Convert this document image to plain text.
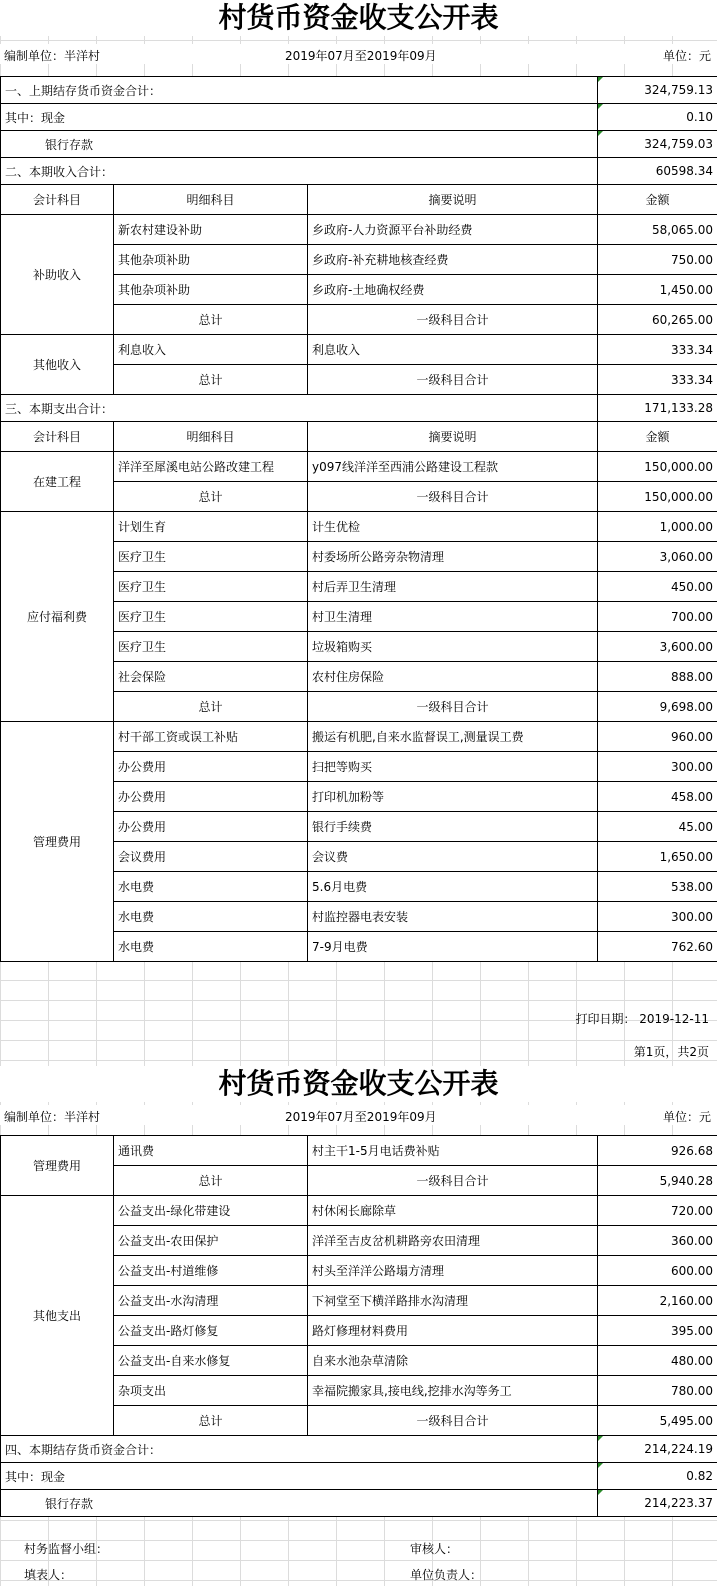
村货币资金收支公开表
编制单位：半洋村	2019年07月至2019年09月	单位：元
一、上期结存货币资金合计：			324,759.13
其中：现金			0.10
银行存款			324,759.03
二、本期收入合计：			60598.34
会计科目	明细科目	摘要说明	金额
补助收入	新农村建设补助	乡政府-人力资源平台补助经费	58,065.00
	其他杂项补助	乡政府-补充耕地核查经费	750.00
	其他杂项补助	乡政府-土地确权经费	1,450.00
	总计	一级科目合计	60,265.00
其他收入	利息收入	利息收入	333.34
	总计	一级科目合计	333.34
三、本期支出合计：			171,133.28
会计科目	明细科目	摘要说明	金额
在建工程	洋洋至犀溪电站公路改建工程	y097线洋洋至西浦公路建设工程款	150,000.00
	总计	一级科目合计	150,000.00
应付福利费	计划生育	计生优检	1,000.00
	医疗卫生	村委场所公路旁杂物清理	3,060.00
	医疗卫生	村后弄卫生清理	450.00
	医疗卫生	村卫生清理	700.00
	医疗卫生	垃圾箱购买	3,600.00
	社会保险	农村住房保险	888.00
	总计	一级科目合计	9,698.00
管理费用	村干部工资或误工补贴	搬运有机肥,自来水监督误工,测量误工费	960.00
	办公费用	扫把等购买	300.00
	办公费用	打印机加粉等	458.00
	办公费用	银行手续费	45.00
	会议费用	会议费	1,650.00
	水电费	5.6月电费	538.00
	水电费	村监控器电表安装	300.00
	水电费	7-9月电费	762.60
打印日期： 2019-12-11
第1页，共2页
村货币资金收支公开表
编制单位：半洋村	2019年07月至2019年09月	单位：元
管理费用	通讯费	村主干1-5月电话费补贴	926.68
	总计	一级科目合计	5,940.28
其他支出	公益支出-绿化带建设	村休闲长廊除草	720.00
	公益支出-农田保护	洋洋至吉皮岔机耕路旁农田清理	360.00
	公益支出-村道维修	村头至洋洋公路塌方清理	600.00
	公益支出-水沟清理	下祠堂至下横洋路排水沟清理	2,160.00
	公益支出-路灯修复	路灯修理材料费用	395.00
	公益支出-自来水修复	自来水池杂草清除	480.00
	杂项支出	幸福院搬家具,接电线,挖排水沟等务工	780.00
	总计	一级科目合计	5,495.00
四、本期结存货币资金合计：			214,224.19
其中：现金			0.82
银行存款			214,223.37
村务监督小组：	审核人：
填表人：	单位负责人：
